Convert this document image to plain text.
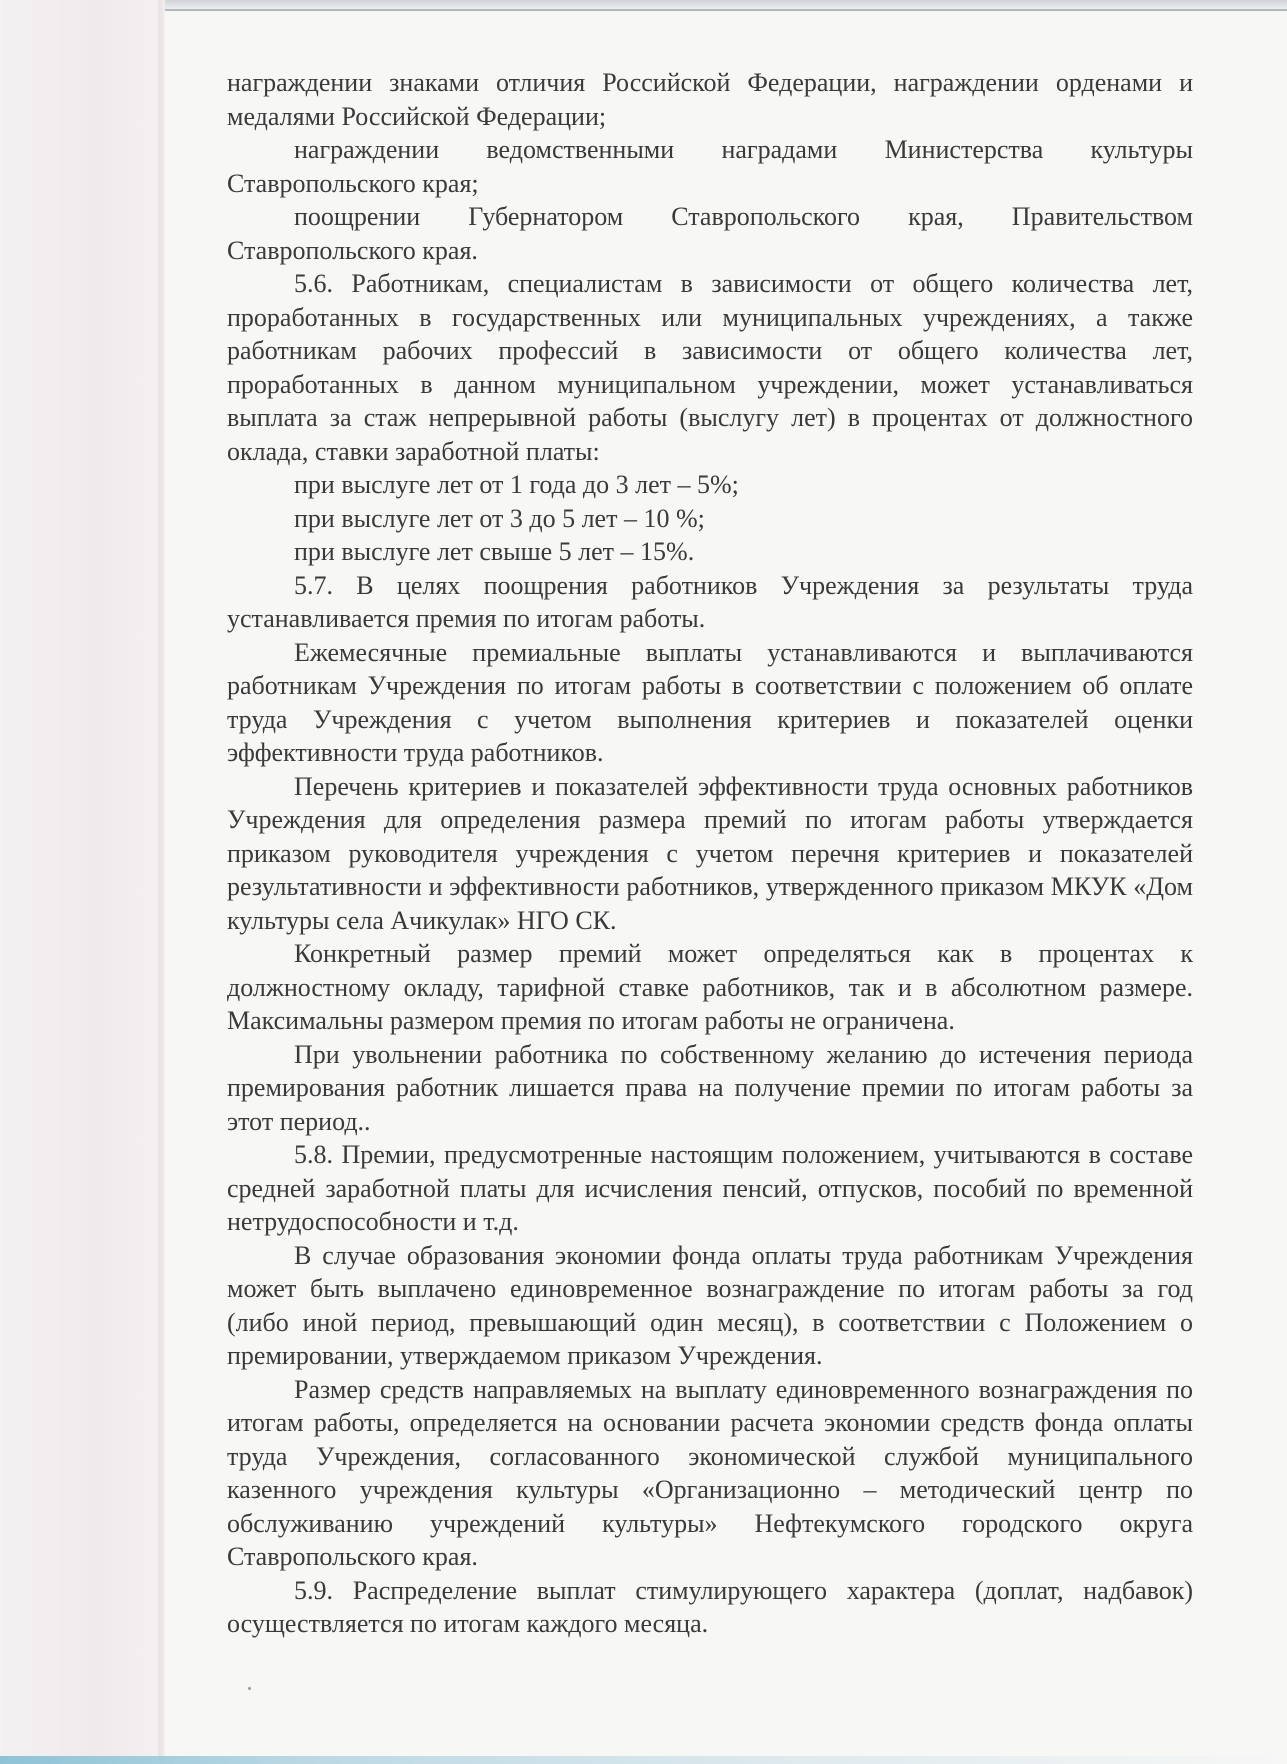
награждении знаками отличия Российской Федерации, награждении орденами и медалями Российской Федерации;

награждении ведомственными наградами Министерства культуры Ставропольского края;

поощрении Губернатором Ставропольского края, Правительством Ставропольского края.

5.6. Работникам, специалистам в зависимости от общего количества лет, проработанных в государственных или муниципальных учреждениях, а также работникам рабочих профессий в зависимости от общего количества лет, проработанных в данном муниципальном учреждении, может устанавливаться выплата за стаж непрерывной работы (выслугу лет) в процентах от должностного оклада, ставки заработной платы:

при выслуге лет от 1 года до 3 лет – 5%;

при выслуге лет от 3 до 5 лет – 10 %;

при выслуге лет свыше 5 лет – 15%.

5.7. В целях поощрения работников Учреждения за результаты труда устанавливается премия по итогам работы.

Ежемесячные премиальные выплаты устанавливаются и выплачиваются работникам Учреждения по итогам работы в соответствии с положением об оплате труда Учреждения с учетом выполнения критериев и показателей оценки эффективности труда работников.

Перечень критериев и показателей эффективности труда основных работников Учреждения для определения размера премий по итогам работы утверждается приказом руководителя учреждения с учетом перечня критериев и показателей результативности и эффективности работников, утвержденного приказом МКУК «Дом культуры села Ачикулак» НГО СК.

Конкретный размер премий может определяться как в процентах к должностному окладу, тарифной ставке работников, так и в абсолютном размере. Максимальны размером премия по итогам работы не ограничена.

При увольнении работника по собственному желанию до истечения периода премирования работник лишается права на получение премии по итогам работы за этот период..

5.8. Премии, предусмотренные настоящим положением, учитываются в составе средней заработной платы для исчисления пенсий, отпусков, пособий по временной нетрудоспособности и т.д.

В случае образования экономии фонда оплаты труда работникам Учреждения может быть выплачено единовременное вознаграждение по итогам работы за год (либо иной период, превышающий один месяц), в соответствии с Положением о премировании, утверждаемом приказом Учреждения.

Размер средств направляемых на выплату единовременного вознаграждения по итогам работы, определяется на основании расчета экономии средств фонда оплаты труда Учреждения, согласованного экономической службой муниципального казенного учреждения культуры «Организационно – методический центр по обслуживанию учреждений культуры» Нефтекумского городского округа Ставропольского края.

5.9. Распределение выплат стимулирующего характера (доплат, надбавок) осуществляется по итогам каждого месяца.
